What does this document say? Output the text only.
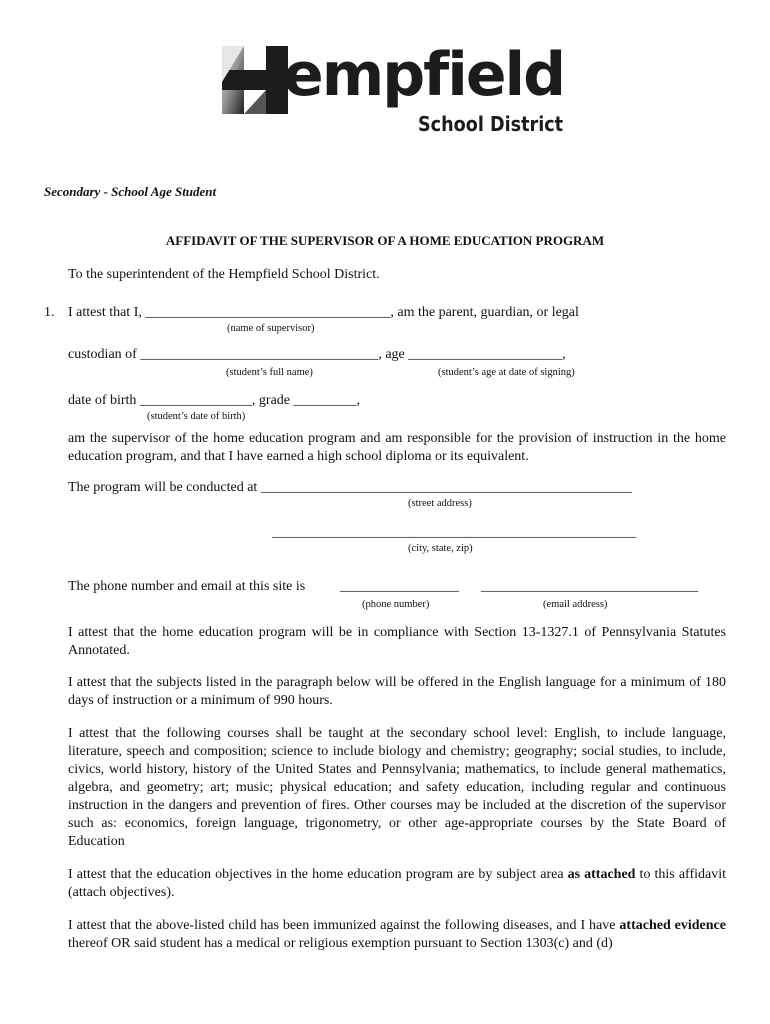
empfield
School District
Secondary - School Age Student
AFFIDAVIT OF THE SUPERVISOR OF A HOME EDUCATION PROGRAM
To the superintendent of the Hempfield School District.
1. I attest that I, ___________________________________, am the parent, guardian, or legal
(name of supervisor)
custodian of __________________________________, age ______________________,
(student’s full name)	(student’s age at date of signing)
date of birth ________________, grade _________,
(student’s date of birth)
am the supervisor of the home education program and am responsible for the provision of instruction in the home education program, and that I have earned a high school diploma or its equivalent.
The program will be conducted at _____________________________________________________
(street address)
____________________________________________________
(city, state, zip)
The phone number and email at this site is _________________ _______________________________
(phone number)	(email address)
I attest that the home education program will be in compliance with Section 13-1327.1 of Pennsylvania Statutes Annotated.
I attest that the subjects listed in the paragraph below will be offered in the English language for a minimum of 180 days of instruction or a minimum of 990 hours.
I attest that the following courses shall be taught at the secondary school level: English, to include language, literature, speech and composition; science to include biology and chemistry; geography; social studies, to include, civics, world history, history of the United States and Pennsylvania; mathematics, to include general mathematics, algebra, and geometry; art; music; physical education; and safety education, including regular and continuous instruction in the dangers and prevention of fires. Other courses may be included at the discretion of the supervisor such as: economics, foreign language, trigonometry, or other age-appropriate courses by the State Board of Education
I attest that the education objectives in the home education program are by subject area as attached to this affidavit (attach objectives).
I attest that the above-listed child has been immunized against the following diseases, and I have attached evidence thereof OR said student has a medical or religious exemption pursuant to Section 1303(c) and (d)
